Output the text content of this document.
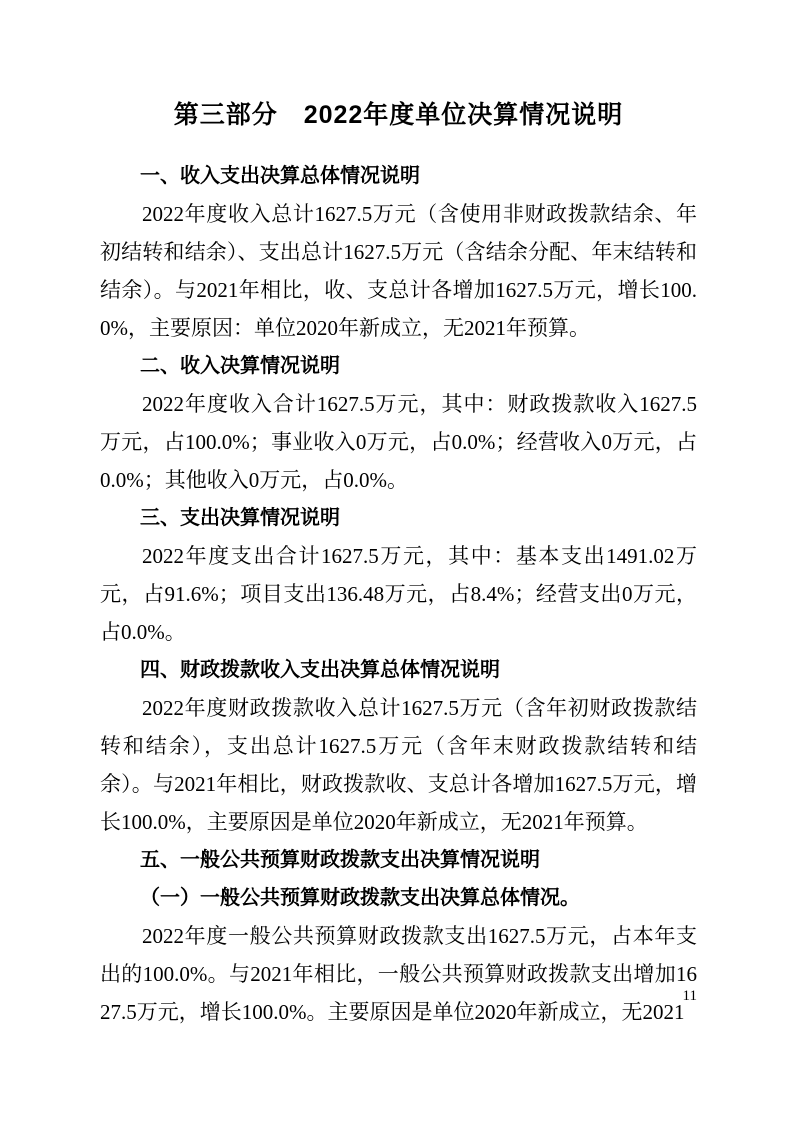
第三部分　2022年度单位决算情况说明
一、收入支出决算总体情况说明

2022年度收入总计1627.5万元（含使用非财政拨款结余、年初结转和结余）、支出总计1627.5万元（含结余分配、年末结转和结余）。与2021年相比，收、支总计各增加1627.5万元，增长100.0%，主要原因：单位2020年新成立，无2021年预算。

二、收入决算情况说明

2022年度收入合计1627.5万元，其中：财政拨款收入1627.5万元，占100.0%；事业收入0万元，占0.0%；经营收入0万元，占0.0%；其他收入0万元，占0.0%。

三、支出决算情况说明

2022年度支出合计1627.5万元，其中：基本支出1491.02万元，占91.6%；项目支出136.48万元，占8.4%；经营支出0万元，占0.0%。

四、财政拨款收入支出决算总体情况说明

2022年度财政拨款收入总计1627.5万元（含年初财政拨款结转和结余），支出总计1627.5万元（含年末财政拨款结转和结余）。与2021年相比，财政拨款收、支总计各增加1627.5万元，增长100.0%，主要原因是单位2020年新成立，无2021年预算。

五、一般公共预算财政拨款支出决算情况说明
（一）一般公共预算财政拨款支出决算总体情况。

2022年度一般公共预算财政拨款支出1627.5万元，占本年支出的100.0%。与2021年相比，一般公共预算财政拨款支出增加1627.5万元，增长100.0%。主要原因是单位2020年新成立，无2021

11
